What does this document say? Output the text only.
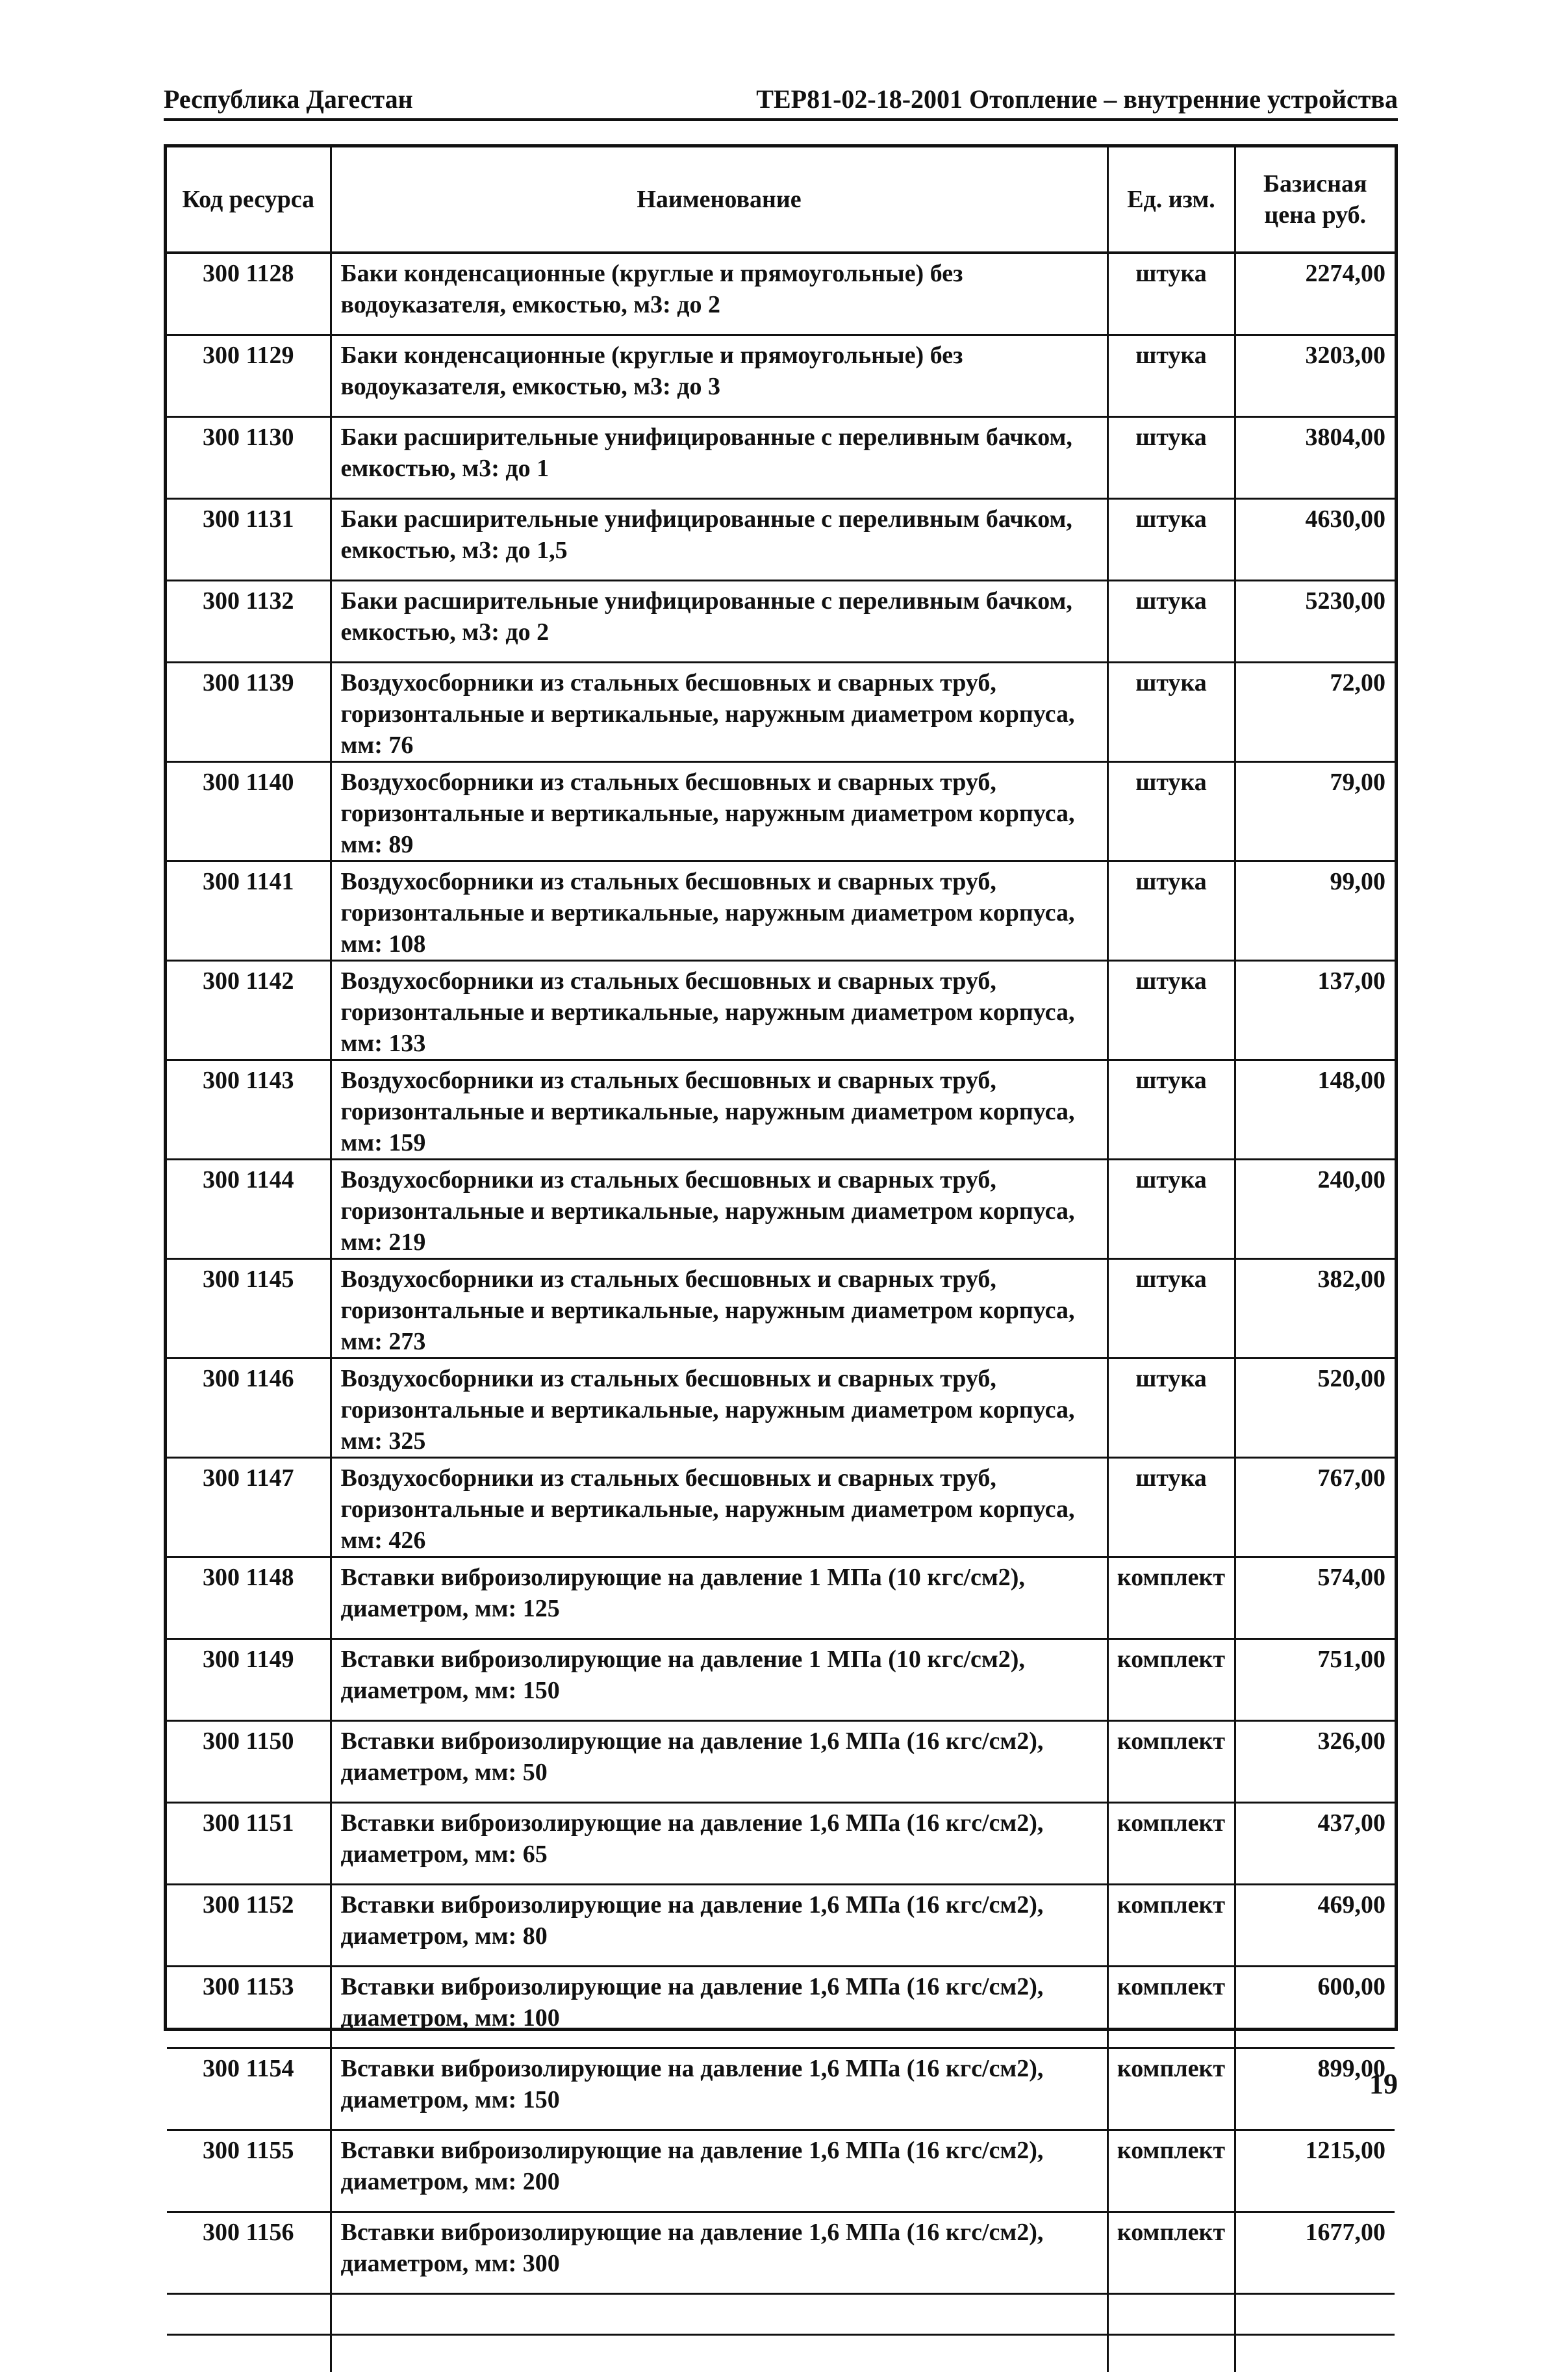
Республика Дагестан	ТЕР81-02-18-2001 Отопление – внутренние устройства
Код ресурса	Наименование	Ед. изм.	Базисная цена руб.
300 1128	Баки конденсационные (круглые и прямоугольные) без водоуказателя, емкостью, м3: до 2	штука	2274,00
300 1129	Баки конденсационные (круглые и прямоугольные) без водоуказателя, емкостью, м3: до 3	штука	3203,00
300 1130	Баки расширительные унифицированные с переливным бачком, емкостью, м3: до 1	штука	3804,00
300 1131	Баки расширительные унифицированные с переливным бачком, емкостью, м3: до 1,5	штука	4630,00
300 1132	Баки расширительные унифицированные с переливным бачком, емкостью, м3: до 2	штука	5230,00
300 1139	Воздухосборники из стальных бесшовных и сварных труб, горизонтальные и вертикальные, наружным диаметром корпуса, мм: 76	штука	72,00
300 1140	Воздухосборники из стальных бесшовных и сварных труб, горизонтальные и вертикальные, наружным диаметром корпуса, мм: 89	штука	79,00
300 1141	Воздухосборники из стальных бесшовных и сварных труб, горизонтальные и вертикальные, наружным диаметром корпуса, мм: 108	штука	99,00
300 1142	Воздухосборники из стальных бесшовных и сварных труб, горизонтальные и вертикальные, наружным диаметром корпуса, мм: 133	штука	137,00
300 1143	Воздухосборники из стальных бесшовных и сварных труб, горизонтальные и вертикальные, наружным диаметром корпуса, мм: 159	штука	148,00
300 1144	Воздухосборники из стальных бесшовных и сварных труб, горизонтальные и вертикальные, наружным диаметром корпуса, мм: 219	штука	240,00
300 1145	Воздухосборники из стальных бесшовных и сварных труб, горизонтальные и вертикальные, наружным диаметром корпуса, мм: 273	штука	382,00
300 1146	Воздухосборники из стальных бесшовных и сварных труб, горизонтальные и вертикальные, наружным диаметром корпуса, мм: 325	штука	520,00
300 1147	Воздухосборники из стальных бесшовных и сварных труб, горизонтальные и вертикальные, наружным диаметром корпуса, мм: 426	штука	767,00
300 1148	Вставки виброизолирующие на давление 1 МПа (10 кгс/см2), диаметром, мм: 125	комплект	574,00
300 1149	Вставки виброизолирующие на давление 1 МПа (10 кгс/см2), диаметром, мм: 150	комплект	751,00
300 1150	Вставки виброизолирующие на давление 1,6 МПа (16 кгс/см2), диаметром, мм: 50	комплект	326,00
300 1151	Вставки виброизолирующие на давление 1,6 МПа (16 кгс/см2), диаметром, мм: 65	комплект	437,00
300 1152	Вставки виброизолирующие на давление 1,6 МПа (16 кгс/см2), диаметром, мм: 80	комплект	469,00
300 1153	Вставки виброизолирующие на давление 1,6 МПа (16 кгс/см2), диаметром, мм: 100	комплект	600,00
300 1154	Вставки виброизолирующие на давление 1,6 МПа (16 кгс/см2), диаметром, мм: 150	комплект	899,00
300 1155	Вставки виброизолирующие на давление 1,6 МПа (16 кгс/см2), диаметром, мм: 200	комплект	1215,00
300 1156	Вставки виброизолирующие на давление 1,6 МПа (16 кгс/см2), диаметром, мм: 300	комплект	1677,00

19
